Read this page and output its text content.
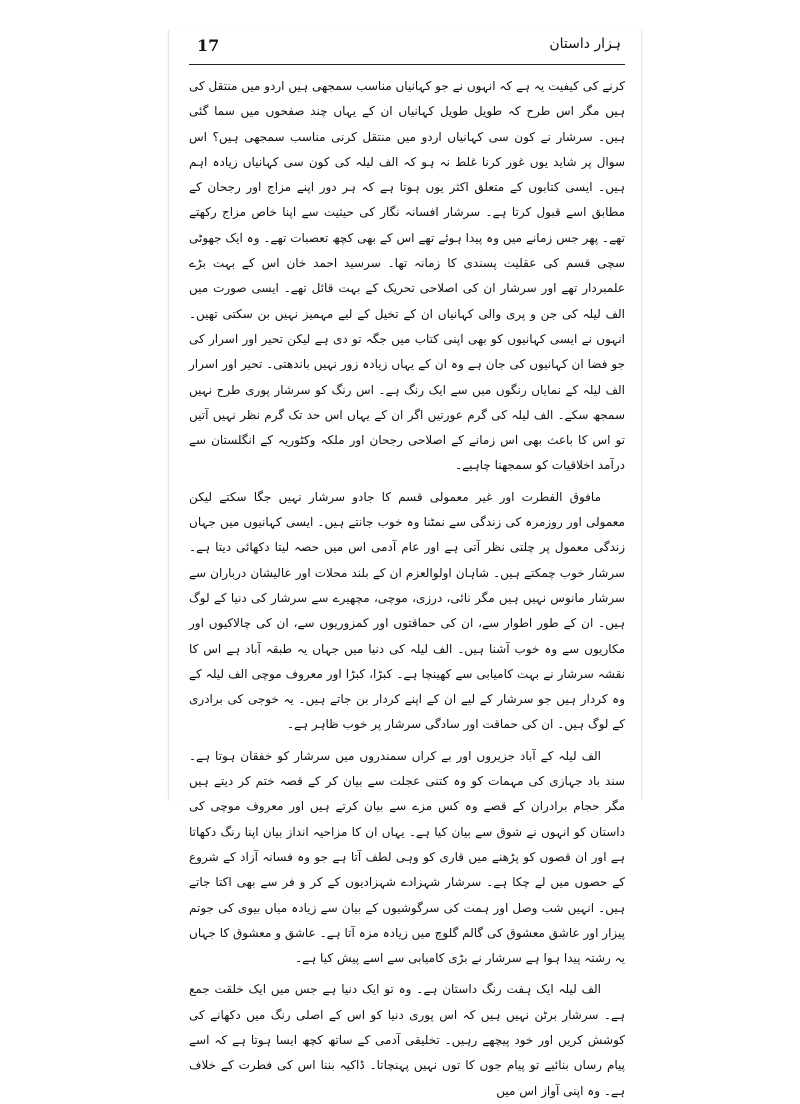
17	ہزار داستان

کرنے کی کیفیت یہ ہے کہ انہوں نے جو کہانیاں مناسب سمجھی ہیں اردو میں منتقل کی ہیں مگر اس طرح کہ طویل طویل کہانیاں ان کے یہاں چند صفحوں میں سما گئی ہیں۔ سرشار نے کون سی کہانیاں اردو میں منتقل کرنی مناسب سمجھی ہیں؟ اس سوال پر شاید یوں غور کرنا غلط نہ ہو کہ الف لیلہ کی کون سی کہانیاں زیادہ اہم ہیں۔ ایسی کتابوں کے متعلق اکثر یوں ہوتا ہے کہ ہر دور اپنے مزاج اور رجحان کے مطابق اسے قبول کرتا ہے۔ سرشار افسانہ نگار کی حیثیت سے اپنا خاص مزاج رکھتے تھے۔ پھر جس زمانے میں وہ پیدا ہوئے تھے اس کے بھی کچھ تعصبات تھے۔ وہ ایک جھوٹی سچی قسم کی عقلیت پسندی کا زمانہ تھا۔ سرسید احمد خان اس کے بہت بڑے علمبردار تھے اور سرشار ان کی اصلاحی تحریک کے بہت قائل تھے۔ ایسی صورت میں الف لیلہ کی جن و پری والی کہانیاں ان کے تخیل کے لیے مہمیز نہیں بن سکتی تھیں۔ انہوں نے ایسی کہانیوں کو بھی اپنی کتاب میں جگہ تو دی ہے لیکن تحیر اور اسرار کی جو فضا ان کہانیوں کی جان ہے وہ ان کے یہاں زیادہ زور نہیں باندھتی۔ تحیر اور اسرار الف لیلہ کے نمایاں رنگوں میں سے ایک رنگ ہے۔ اس رنگ کو سرشار پوری طرح نہیں سمجھ سکے۔ الف لیلہ کی گرم عورتیں اگر ان کے یہاں اس حد تک گرم نظر نہیں آتیں تو اس کا باعث بھی اس زمانے کے اصلاحی رجحان اور ملکہ وکٹوریہ کے انگلستان سے درآمد اخلاقیات کو سمجھنا چاہیے۔

مافوق الفطرت اور غیر معمولی قسم کا جادو سرشار نہیں جگا سکتے لیکن معمولی اور روزمرہ کی زندگی سے نمٹنا وہ خوب جانتے ہیں۔ ایسی کہانیوں میں جہاں زندگی معمول پر چلتی نظر آتی ہے اور عام آدمی اس میں حصہ لیتا دکھائی دیتا ہے۔ سرشار خوب چمکتے ہیں۔ شاہان اولوالعزم ان کے بلند محلات اور عالیشان درباران سے سرشار مانوس نہیں ہیں مگر نائی، درزی، موچی، مچھیرے سے سرشار کی دنیا کے لوگ ہیں۔ ان کے طور اطوار سے، ان کی حماقتوں اور کمزوریوں سے، ان کی چالاکیوں اور مکاریوں سے وہ خوب آشنا ہیں۔ الف لیلہ کی دنیا میں جہاں یہ طبقہ آباد ہے اس کا نقشہ سرشار نے بہت کامیابی سے کھینچا ہے۔ کبڑا، کبڑا اور معروف موچی الف لیلہ کے وہ کردار ہیں جو سرشار کے لیے ان کے اپنے کردار بن جاتے ہیں۔ یہ خوجی کی برادری کے لوگ ہیں۔ ان کی حماقت اور سادگی سرشار پر خوب ظاہر ہے۔

الف لیلہ کے آباد جزیروں اور بے کراں سمندروں میں سرشار کو خفقان ہوتا ہے۔ سند باد جہازی کی مہمات کو وہ کتنی عجلت سے بیان کر کے قصہ ختم کر دیتے ہیں مگر حجام برادران کے قصے وہ کس مزے سے بیان کرتے ہیں اور معروف موچی کی داستان کو انہوں نے شوق سے بیان کیا ہے۔ یہاں ان کا مزاحیہ انداز بیان اپنا رنگ دکھاتا ہے اور ان قصوں کو پڑھنے میں قاری کو وہی لطف آتا ہے جو وہ فسانہ آزاد کے شروع کے حصوں میں لے چکا ہے۔ سرشار شہزادے شہزادیوں کے کر و فر سے بھی اکتا جاتے ہیں۔ انہیں شب وصل اور ہمت کی سرگوشیوں کے بیان سے زیادہ میاں بیوی کی جوتم پیزار اور عاشق معشوق کی گالم گلوچ میں زیادہ مزہ آتا ہے۔ عاشق و معشوق کا جہاں یہ رشتہ پیدا ہوا ہے سرشار نے بڑی کامیابی سے اسے پیش کیا ہے۔

الف لیلہ ایک ہفت رنگ داستان ہے۔ وہ تو ایک دنیا ہے جس میں ایک خلقت جمع ہے۔ سرشار برٹن نہیں ہیں کہ اس پوری دنیا کو اس کے اصلی رنگ میں دکھانے کی کوشش کریں اور خود پیچھے رہیں۔ تخلیقی آدمی کے ساتھ کچھ ایسا ہوتا ہے کہ اسے پیام رساں بنائیے تو پیام جوں کا توں نہیں پہنچاتا۔ ڈاکیہ بننا اس کی فطرت کے خلاف ہے۔ وہ اپنی آواز اس میں
